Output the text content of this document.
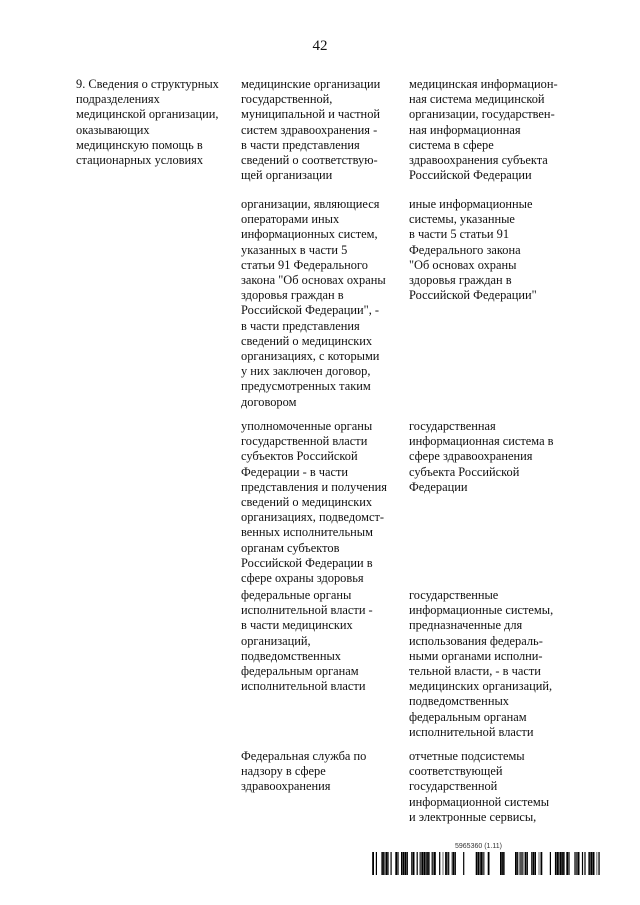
42
9. Сведения о структурных
подразделениях
медицинской организации,
оказывающих
медицинскую помощь в
стационарных условиях
медицинские организации
государственной,
муниципальной и частной
систем здравоохранения -
в части представления
сведений о соответствую-
щей организации
медицинская информацион-
ная система медицинской
организации, государствен-
ная информационная
система в сфере
здравоохранения субъекта
Российской Федерации
организации, являющиеся
операторами иных
информационных систем,
указанных в части 5
статьи 91 Федерального
закона "Об основах охраны
здоровья граждан в
Российской Федерации", -
в части представления
сведений о медицинских
организациях, с которыми
у них заключен договор,
предусмотренных таким
договором
иные информационные
системы, указанные
в части 5 статьи 91
Федерального закона
"Об основах охраны
здоровья граждан в
Российской Федерации"
уполномоченные органы
государственной власти
субъектов Российской
Федерации - в части
представления и получения
сведений о медицинских
организациях, подведомст-
венных исполнительным
органам субъектов
Российской Федерации в
сфере охраны здоровья
государственная
информационная система в
сфере здравоохранения
субъекта Российской
Федерации
федеральные органы
исполнительной власти -
в части медицинских
организаций,
подведомственных
федеральным органам
исполнительной власти
государственные
информационные системы,
предназначенные для
использования федераль-
ными органами исполни-
тельной власти, - в части
медицинских организаций,
подведомственных
федеральным органам
исполнительной власти
Федеральная служба по
надзору в сфере
здравоохранения
отчетные подсистемы
соответствующей
государственной
информационной системы
и электронные сервисы,
5965360 (1.11)
